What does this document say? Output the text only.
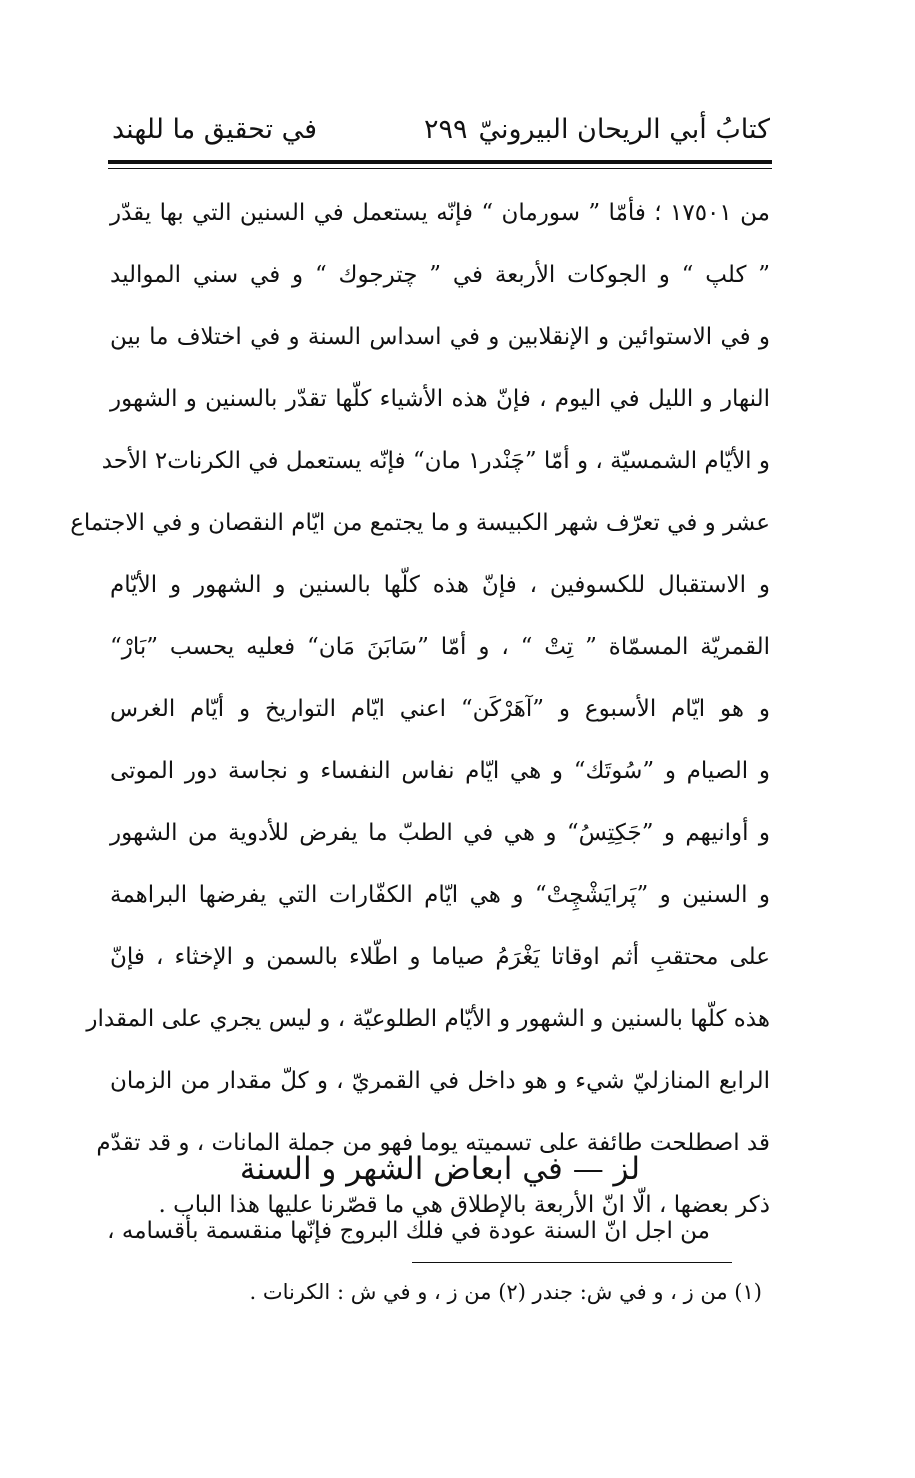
كتابُ أبي الريحان البيرونيّ
٢٩٩
في تحقيق ما للهند
من ١٧٥٠١ ؛ فأمّا ” سورمان “ فإنّه يستعمل في السنين التي بها يقدّر
” كلپ “ و الجوكات الأربعة في ” چترجوك “ و في سني المواليد
و في الاستوائين و الإنقلابين و في اسداس السنة و في اختلاف ما بين
النهار و الليل في اليوم ، فإنّ هذه الأشياء كلّها تقدّر بالسنين و الشهور
و الأيّام الشمسيّة ، و أمّا ”چَنْدر١ مان“ فإنّه يستعمل في الكرنات٢ الأحد
عشر و في تعرّف شهر الكبيسة و ما يجتمع من ايّام النقصان و في الاجتماع
و الاستقبال للكسوفين ، فإنّ هذه كلّها بالسنين و الشهور و الأيّام
القمريّة المسمّاة ” تِتْ “ ، و أمّا ”سَابَنَ مَان“ فعليه يحسب ”بَارْ“
و هو ايّام الأسبوع و ”آهَرْكَن“ اعني ايّام التواريخ و أيّام الغرس
و الصيام و ”سُوتَك“ و هي ايّام نفاس النفساء و نجاسة دور الموتى
و أوانيهم و ”جَكِتِسُ“ و هي في الطبّ ما يفرض للأدوية من الشهور
و السنين و ”پَرايَشْچِتْ“ و هي ايّام الكفّارات التي يفرضها البراهمة
على محتقبِ أثم اوقاتا يَغْرَمُ صياما و اطّلاء بالسمن و الإخثاء ، فإنّ
هذه كلّها بالسنين و الشهور و الأيّام الطلوعيّة ، و ليس يجري على المقدار
الرابع المنازليّ شيء و هو داخل في القمريّ ، و كلّ مقدار من الزمان
قد اصطلحت طائفة على تسميته يوما فهو من جملة المانات ، و قد تقدّم
ذكر بعضها ، الّا انّ الأربعة بالإطلاق هي ما قصّرنا عليها هذا الباب .
لز — في ابعاض الشهر و السنة
من اجل انّ السنة عودة في فلك البروج فإنّها منقسمة بأقسامه ،
(١) من ز ، و في ش: جندر (٢) من ز ، و في ش : الكرنات .
